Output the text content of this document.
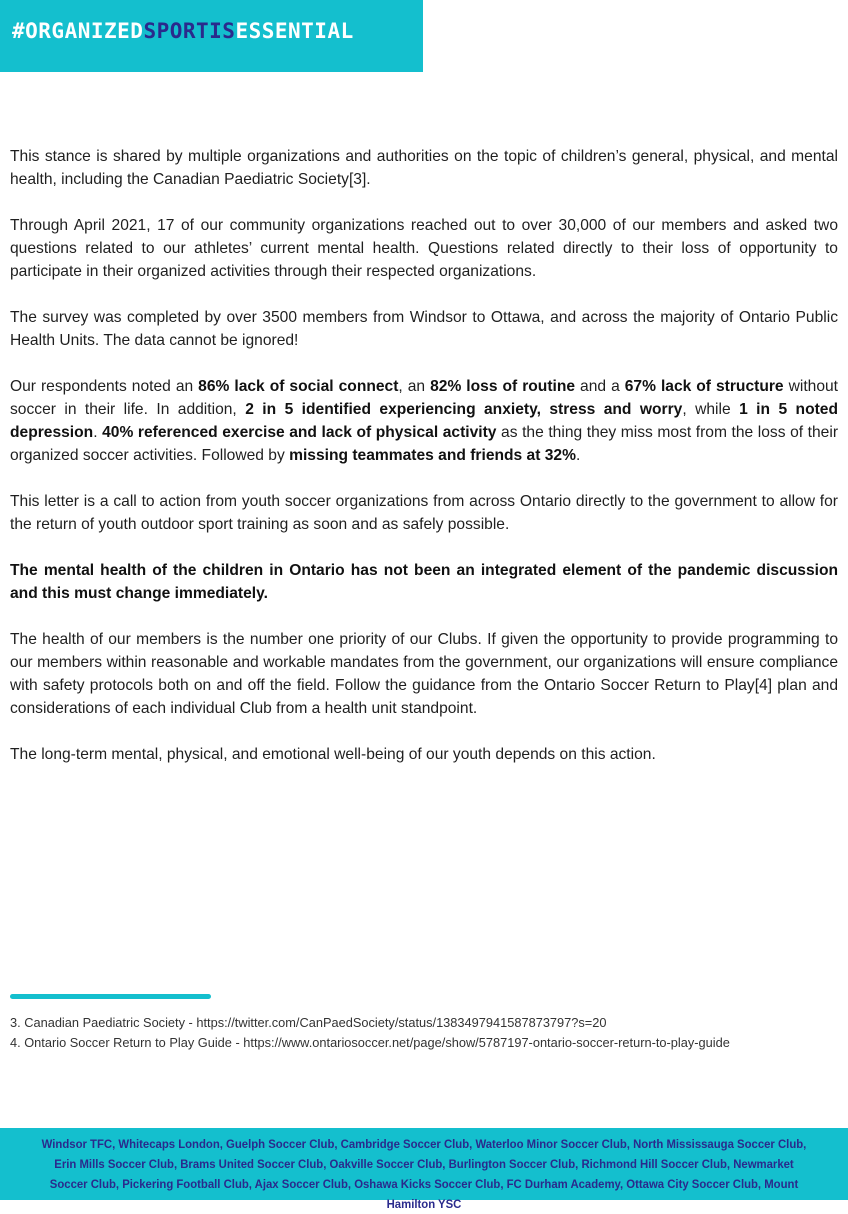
#ORGANIZEDSPORTISESSENTIAL

This stance is shared by multiple organizations and authorities on the topic of children’s general, physical, and mental health, including the Canadian Paediatric Society[3].

Through April 2021, 17 of our community organizations reached out to over 30,000 of our members and asked two questions related to our athletes’ current mental health. Questions related directly to their loss of opportunity to participate in their organized activities through their respected organizations.

The survey was completed by over 3500 members from Windsor to Ottawa, and across the majority of Ontario Public Health Units. The data cannot be ignored!

Our respondents noted an 86% lack of social connect, an 82% loss of routine and a 67% lack of structure without soccer in their life. In addition, 2 in 5 identified experiencing anxiety, stress and worry, while 1 in 5 noted depression. 40% referenced exercise and lack of physical activity as the thing they miss most from the loss of their organized soccer activities. Followed by missing teammates and friends at 32%.

This letter is a call to action from youth soccer organizations from across Ontario directly to the government to allow for the return of youth outdoor sport training as soon and as safely possible.

The mental health of the children in Ontario has not been an integrated element of the pandemic discussion and this must change immediately.

The health of our members is the number one priority of our Clubs. If given the opportunity to provide programming to our members within reasonable and workable mandates from the government, our organizations will ensure compliance with safety protocols both on and off the field. Follow the guidance from the Ontario Soccer Return to Play[4] plan and considerations of each individual Club from a health unit standpoint.

The long-term mental, physical, and emotional well-being of our youth depends on this action.

3. Canadian Paediatric Society - https://twitter.com/CanPaedSociety/status/1383497941587873797?s=20
4. Ontario Soccer Return to Play Guide - https://www.ontariosoccer.net/page/show/5787197-ontario-soccer-return-to-play-guide
Windsor TFC, Whitecaps London, Guelph Soccer Club, Cambridge Soccer Club, Waterloo Minor Soccer Club, North Mississauga Soccer Club, Erin Mills Soccer Club, Brams United Soccer Club, Oakville Soccer Club, Burlington Soccer Club, Richmond Hill Soccer Club, Newmarket Soccer Club, Pickering Football Club, Ajax Soccer Club, Oshawa Kicks Soccer Club, FC Durham Academy, Ottawa City Soccer Club, Mount Hamilton YSC
